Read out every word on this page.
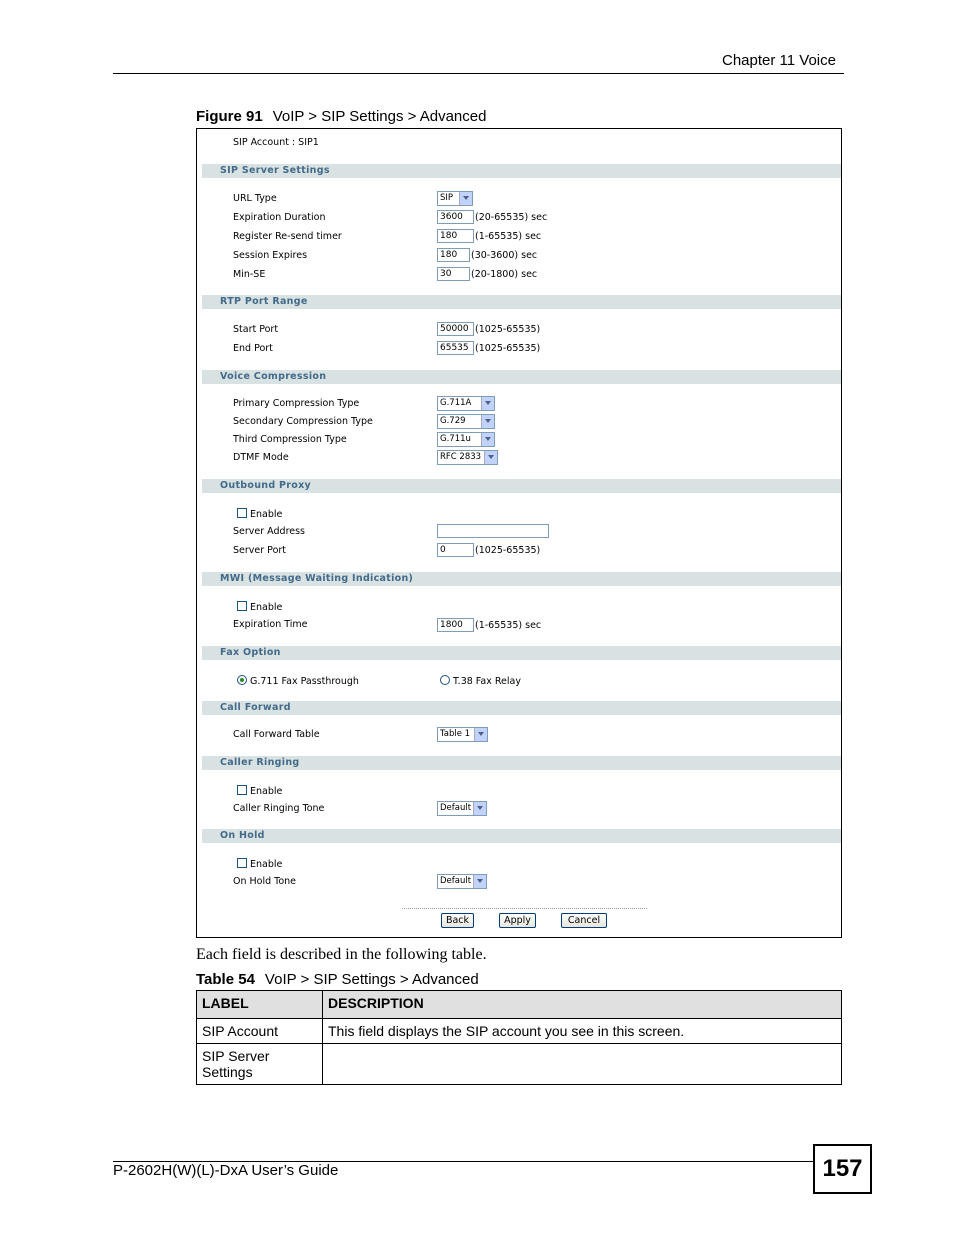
Chapter 11 Voice
Figure 91 VoIP > SIP Settings > Advanced
SIP Account : SIP1
SIP Server Settings
URL Type	SIP
Expiration Duration	3600	(20-65535) sec
Register Re-send timer	180	(1-65535) sec
Session Expires	180	(30-3600) sec
Min-SE	30	(20-1800) sec
RTP Port Range
Start Port	50000 (1025-65535)
End Port	65535 (1025-65535)
Voice Compression
Primary Compression Type	G.711A
Secondary Compression Type	G.729
Third Compression Type	G.711u
DTMF Mode	RFC 2833
Outbound Proxy
Enable
Server Address
Server Port	0	(1025-65535)
MWI (Message Waiting Indication)
Enable
Expiration Time	1800	(1-65535) sec
Fax Option
G.711 Fax Passthrough	T.38 Fax Relay
Call Forward
Call Forward Table	Table 1
Caller Ringing
Enable
Caller Ringing Tone	Default
On Hold
Enable
On Hold Tone	Default
Back	Apply	Cancel
Each field is described in the following table.
Table 54 VoIP > SIP Settings > Advanced
LABEL	DESCRIPTION
SIP Account	This field displays the SIP account you see in this screen.
SIP Server Settings	
P-2602H(W)(L)-DxA User’s Guide	157
